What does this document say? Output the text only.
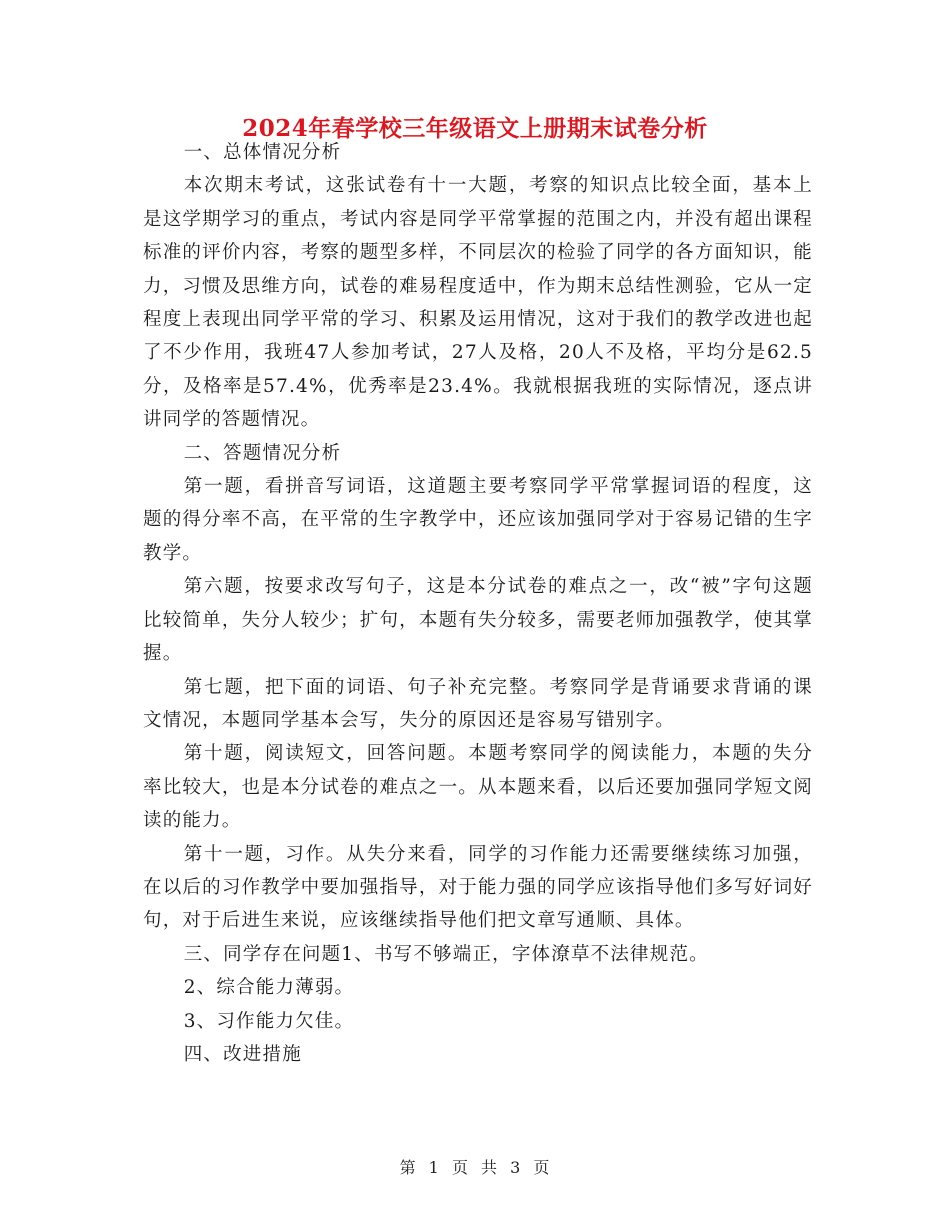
2024年春学校三年级语文上册期末试卷分析

一、总体情况分析

本次期末考试，这张试卷有十一大题，考察的知识点比较全面，基本上是这学期学习的重点，考试内容是同学平常掌握的范围之内，并没有超出课程标准的评价内容，考察的题型多样，不同层次的检验了同学的各方面知识，能力，习惯及思维方向，试卷的难易程度适中，作为期末总结性测验，它从一定程度上表现出同学平常的学习、积累及运用情况，这对于我们的教学改进也起了不少作用，我班47人参加考试，27人及格，20人不及格，平均分是62.5分，及格率是57.4%，优秀率是23.4%。我就根据我班的实际情况，逐点讲讲同学的答题情况。

二、答题情况分析

第一题，看拼音写词语，这道题主要考察同学平常掌握词语的程度，这题的得分率不高，在平常的生字教学中，还应该加强同学对于容易记错的生字教学。

第六题，按要求改写句子，这是本分试卷的难点之一，改“被”字句这题比较简单，失分人较少；扩句，本题有失分较多，需要老师加强教学，使其掌握。

第七题，把下面的词语、句子补充完整。考察同学是背诵要求背诵的课文情况，本题同学基本会写，失分的原因还是容易写错别字。

第十题，阅读短文，回答问题。本题考察同学的阅读能力，本题的失分率比较大，也是本分试卷的难点之一。从本题来看，以后还要加强同学短文阅读的能力。

第十一题，习作。从失分来看，同学的习作能力还需要继续练习加强，在以后的习作教学中要加强指导，对于能力强的同学应该指导他们多写好词好句，对于后进生来说，应该继续指导他们把文章写通顺、具体。

三、同学存在问题1、书写不够端正，字体潦草不法律规范。

2、综合能力薄弱。

3、习作能力欠佳。

四、改进措施

第 1 页 共 3 页
